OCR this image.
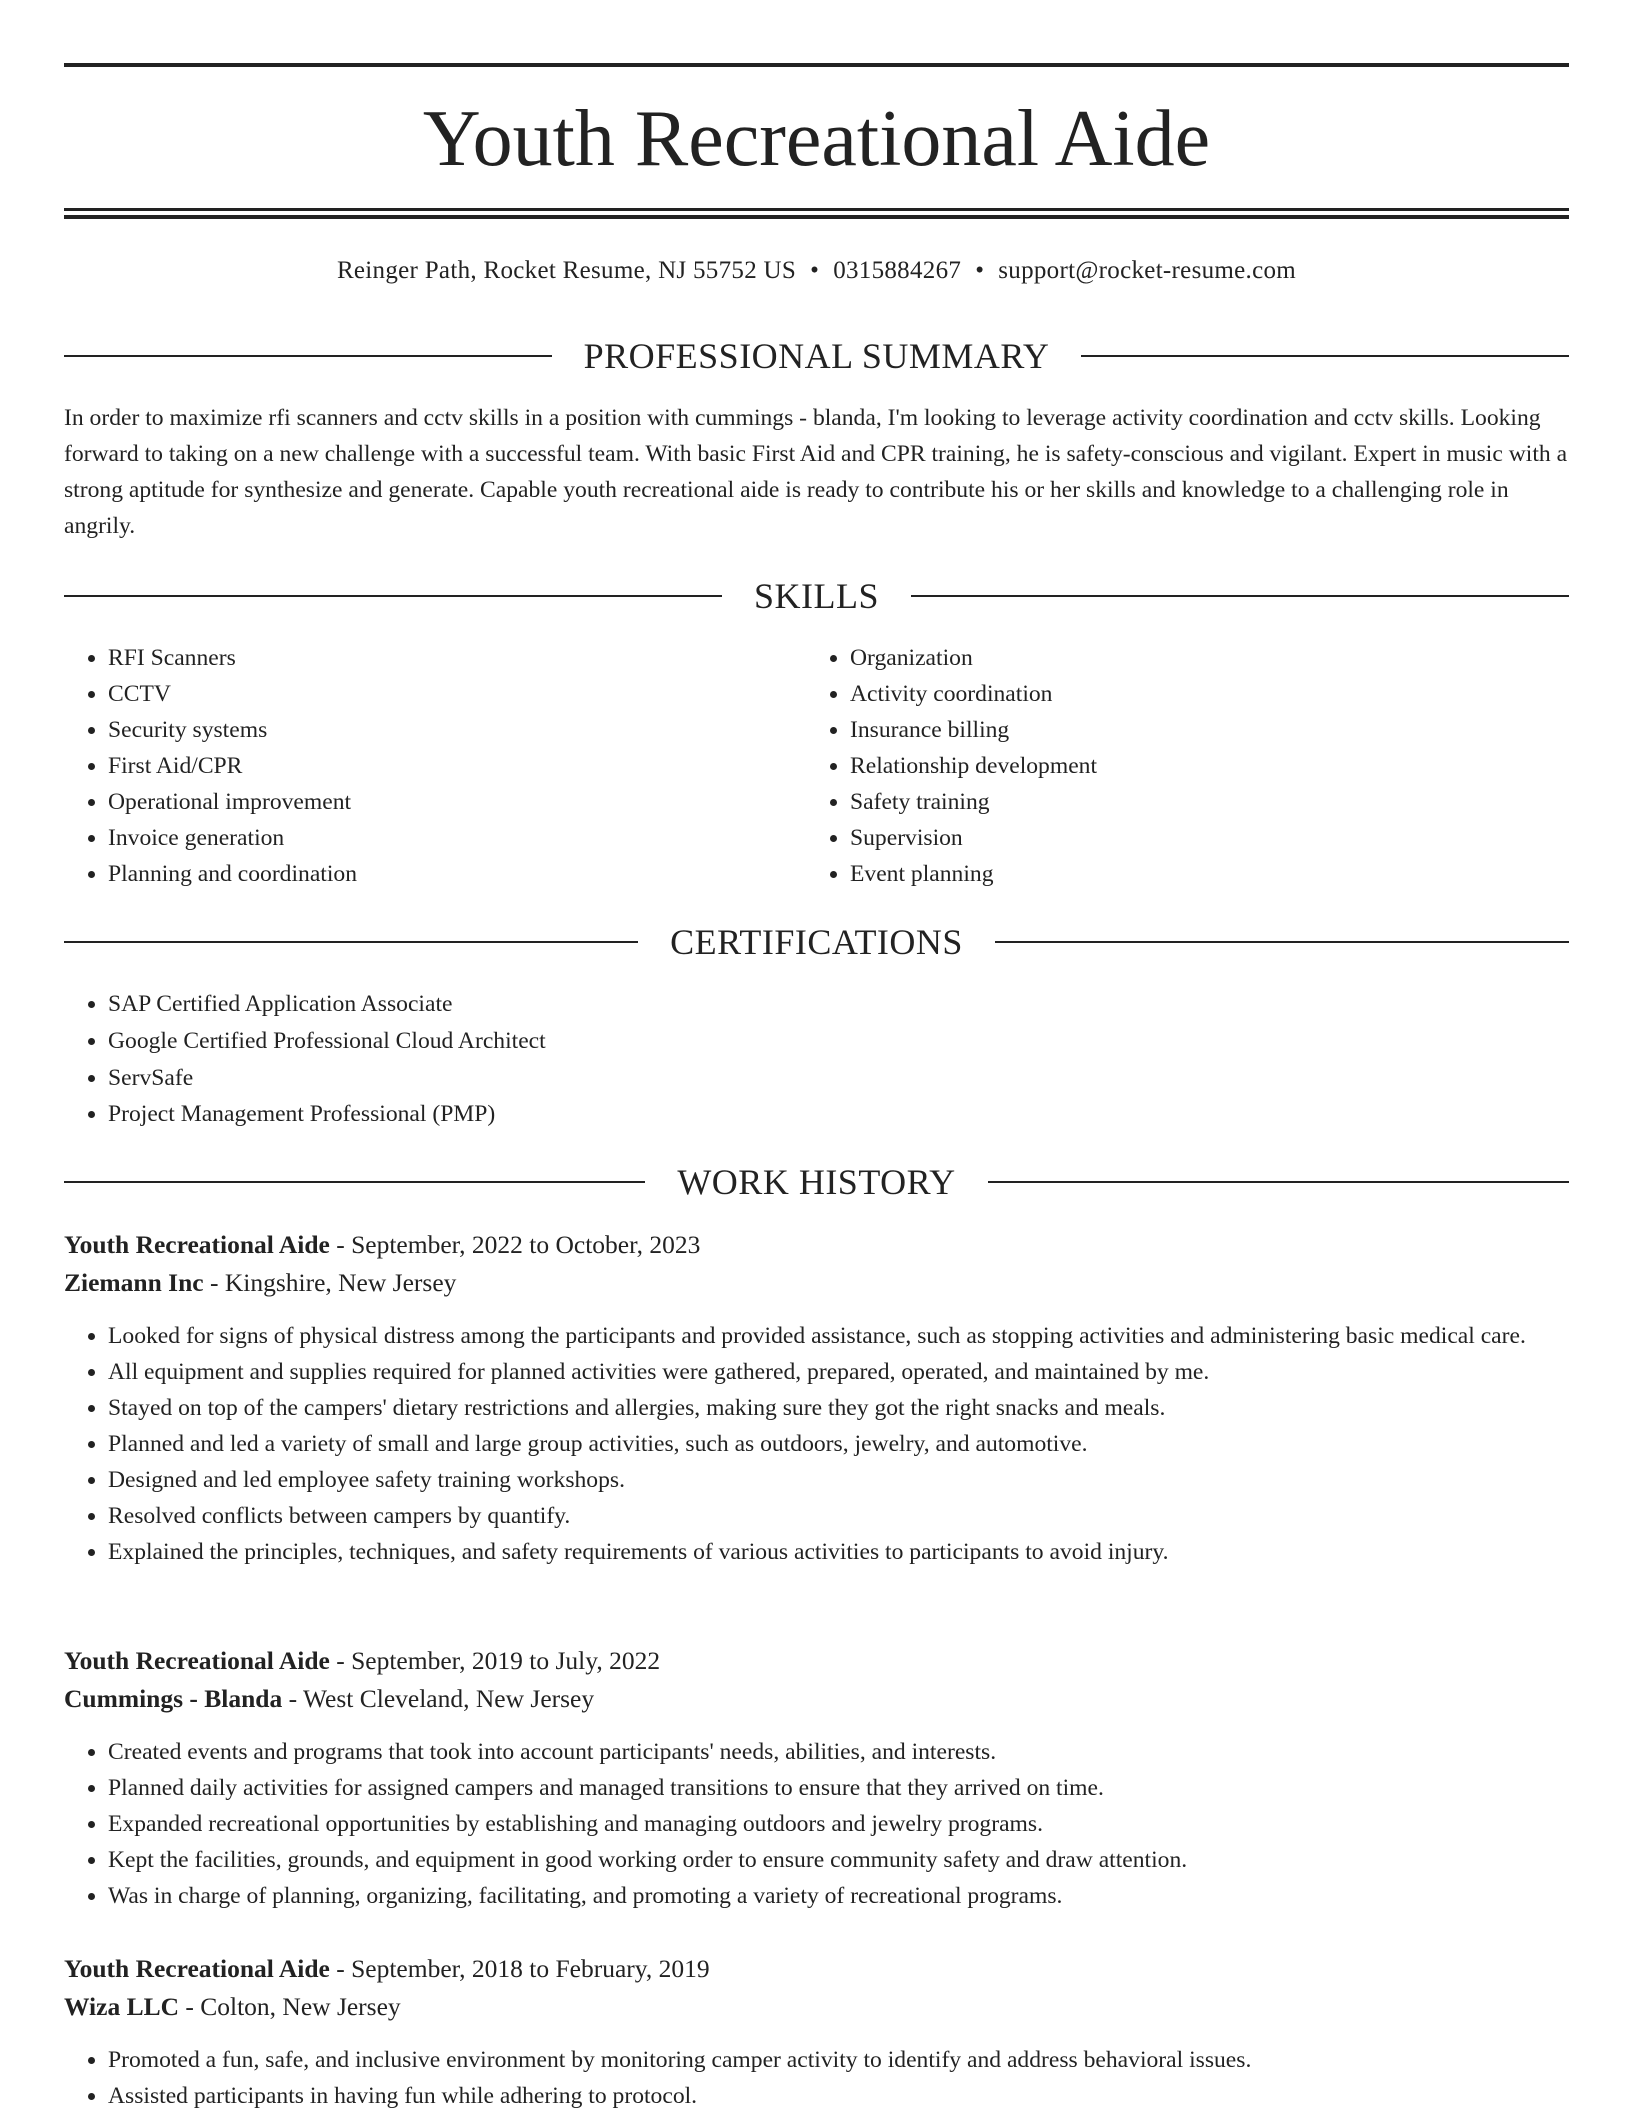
Youth Recreational Aide
Reinger Path, Rocket Resume, NJ 55752 US • 0315884267 • support@rocket-resume.com
PROFESSIONAL SUMMARY

In order to maximize rfi scanners and cctv skills in a position with cummings - blanda, I'm looking to leverage activity coordination and cctv skills. Looking forward to taking on a new challenge with a successful team. With basic First Aid and CPR training, he is safety-conscious and vigilant. Expert in music with a strong aptitude for synthesize and generate. Capable youth recreational aide is ready to contribute his or her skills and knowledge to a challenging role in angrily.

SKILLS
• RFI Scanners
• CCTV
• Security systems
• First Aid/CPR
• Operational improvement
• Invoice generation
• Planning and coordination
• Organization
• Activity coordination
• Insurance billing
• Relationship development
• Safety training
• Supervision
• Event planning
CERTIFICATIONS
• SAP Certified Application Associate
• Google Certified Professional Cloud Architect
• ServSafe
• Project Management Professional (PMP)
WORK HISTORY
Youth Recreational Aide - September, 2022 to October, 2023
Ziemann Inc - Kingshire, New Jersey
• Looked for signs of physical distress among the participants and provided assistance, such as stopping activities and administering basic medical care.
• All equipment and supplies required for planned activities were gathered, prepared, operated, and maintained by me.
• Stayed on top of the campers' dietary restrictions and allergies, making sure they got the right snacks and meals.
• Planned and led a variety of small and large group activities, such as outdoors, jewelry, and automotive.
• Designed and led employee safety training workshops.
• Resolved conflicts between campers by quantify.
• Explained the principles, techniques, and safety requirements of various activities to participants to avoid injury.
Youth Recreational Aide - September, 2019 to July, 2022
Cummings - Blanda - West Cleveland, New Jersey
• Created events and programs that took into account participants' needs, abilities, and interests.
• Planned daily activities for assigned campers and managed transitions to ensure that they arrived on time.
• Expanded recreational opportunities by establishing and managing outdoors and jewelry programs.
• Kept the facilities, grounds, and equipment in good working order to ensure community safety and draw attention.
• Was in charge of planning, organizing, facilitating, and promoting a variety of recreational programs.
Youth Recreational Aide - September, 2018 to February, 2019
Wiza LLC - Colton, New Jersey
• Promoted a fun, safe, and inclusive environment by monitoring camper activity to identify and address behavioral issues.
• Assisted participants in having fun while adhering to protocol.
